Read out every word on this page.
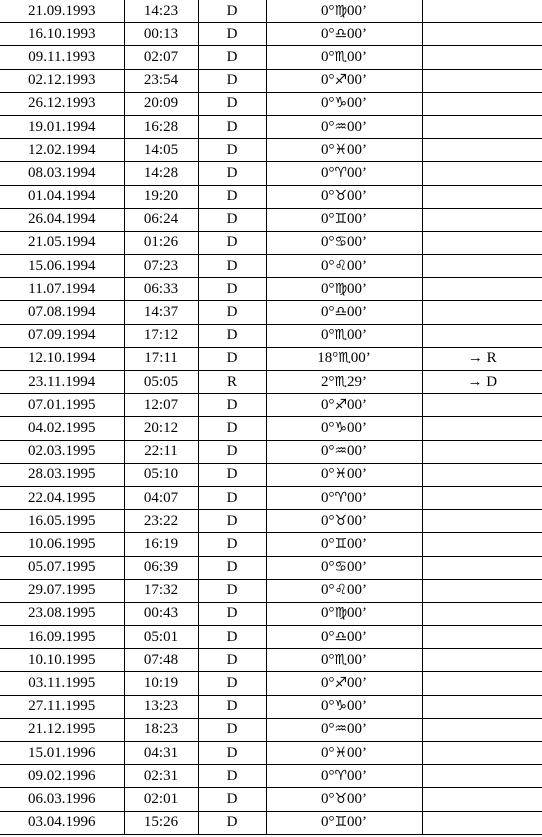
21.09.1993	14:23	D	0°♍00’	
16.10.1993	00:13	D	0°♎00’	
09.11.1993	02:07	D	0°♏00’	
02.12.1993	23:54	D	0°♐00’	
26.12.1993	20:09	D	0°♑00’	
19.01.1994	16:28	D	0°♒00’	
12.02.1994	14:05	D	0°♓00’	
08.03.1994	14:28	D	0°♈00’	
01.04.1994	19:20	D	0°♉00’	
26.04.1994	06:24	D	0°♊00’	
21.05.1994	01:26	D	0°♋00’	
15.06.1994	07:23	D	0°♌00’	
11.07.1994	06:33	D	0°♍00’	
07.08.1994	14:37	D	0°♎00’	
07.09.1994	17:12	D	0°♏00’	
12.10.1994	17:11	D	18°♏00’	→ R
23.11.1994	05:05	R	2°♏29’	→ D
07.01.1995	12:07	D	0°♐00’	
04.02.1995	20:12	D	0°♑00’	
02.03.1995	22:11	D	0°♒00’	
28.03.1995	05:10	D	0°♓00’	
22.04.1995	04:07	D	0°♈00’	
16.05.1995	23:22	D	0°♉00’	
10.06.1995	16:19	D	0°♊00’	
05.07.1995	06:39	D	0°♋00’	
29.07.1995	17:32	D	0°♌00’	
23.08.1995	00:43	D	0°♍00’	
16.09.1995	05:01	D	0°♎00’	
10.10.1995	07:48	D	0°♏00’	
03.11.1995	10:19	D	0°♐00’	
27.11.1995	13:23	D	0°♑00’	
21.12.1995	18:23	D	0°♒00’	
15.01.1996	04:31	D	0°♓00’	
09.02.1996	02:31	D	0°♈00’	
06.03.1996	02:01	D	0°♉00’	
03.04.1996	15:26	D	0°♊00’	
